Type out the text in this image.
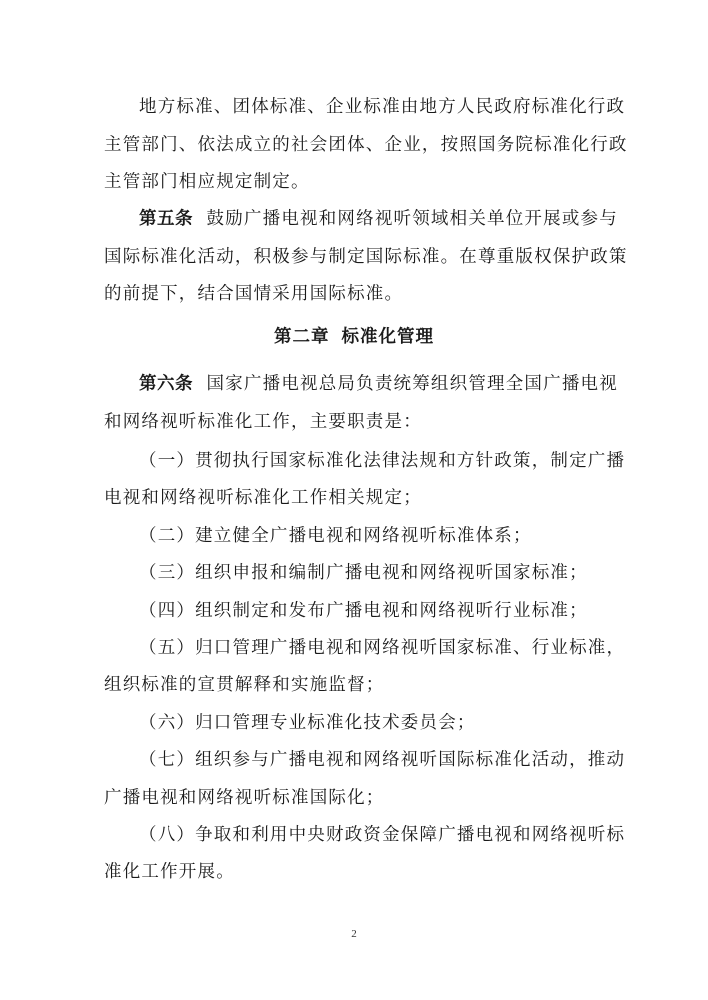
地方标准、团体标准、企业标准由地方人民政府标准化行政
主管部门、依法成立的社会团体、企业，按照国务院标准化行政
主管部门相应规定制定。
第五条 鼓励广播电视和网络视听领域相关单位开展或参与
国际标准化活动，积极参与制定国际标准。在尊重版权保护政策
的前提下，结合国情采用国际标准。
第二章 标准化管理
第六条 国家广播电视总局负责统筹组织管理全国广播电视
和网络视听标准化工作，主要职责是：
（一）贯彻执行国家标准化法律法规和方针政策，制定广播
电视和网络视听标准化工作相关规定；
（二）建立健全广播电视和网络视听标准体系；
（三）组织申报和编制广播电视和网络视听国家标准；
（四）组织制定和发布广播电视和网络视听行业标准；
（五）归口管理广播电视和网络视听国家标准、行业标准，
组织标准的宣贯解释和实施监督；
（六）归口管理专业标准化技术委员会；
（七）组织参与广播电视和网络视听国际标准化活动，推动
广播电视和网络视听标准国际化；
（八）争取和利用中央财政资金保障广播电视和网络视听标
准化工作开展。
2
